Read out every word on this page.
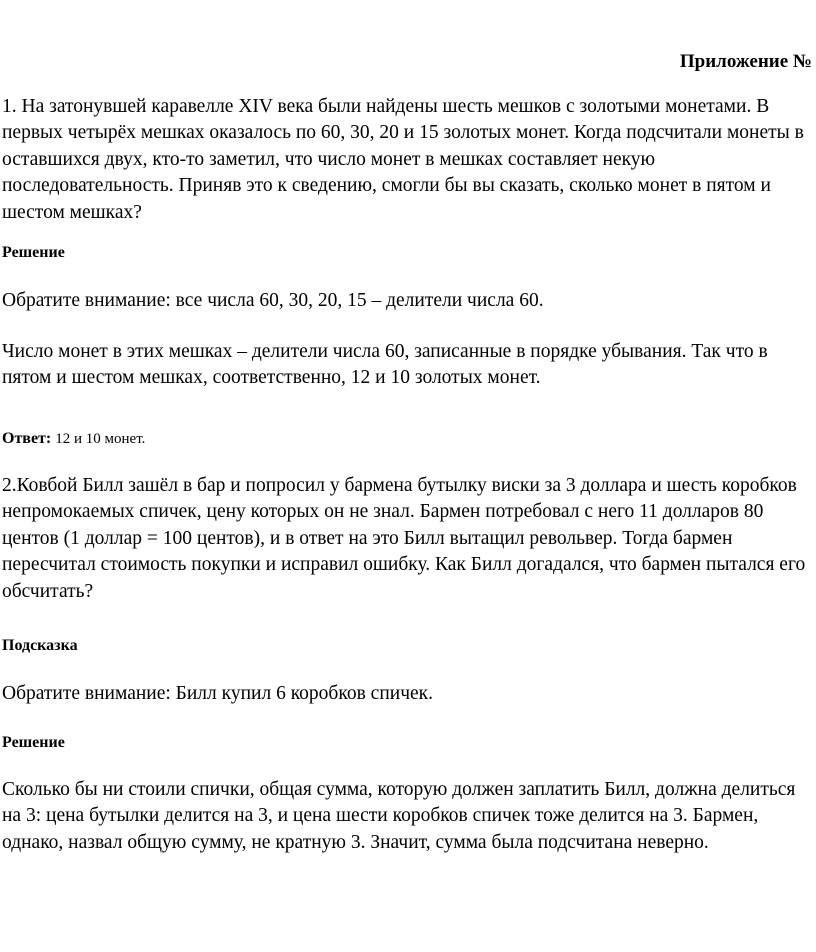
Приложение №

1. На затонувшей каравелле XIV века были найдены шесть мешков с золотыми монетами. В первых четырёх мешках оказалось по 60, 30, 20 и 15 золотых монет. Когда подсчитали монеты в оставшихся двух, кто-то заметил, что число монет в мешках составляет некую последовательность. Приняв это к сведению, смогли бы вы сказать, сколько монет в пятом и шестом мешках?

Решение

Обратите внимание: все числа 60, 30, 20, 15 – делители числа 60.

Число монет в этих мешках – делители числа 60, записанные в порядке убывания. Так что в пятом и шестом мешках, соответственно, 12 и 10 золотых монет.

Ответ: 12 и 10 монет.

2.Ковбой Билл зашёл в бар и попросил у бармена бутылку виски за 3 доллара и шесть коробков непромокаемых спичек, цену которых он не знал. Бармен потребовал с него 11 долларов 80 центов (1 доллар = 100 центов), и в ответ на это Билл вытащил револьвер. Тогда бармен пересчитал стоимость покупки и исправил ошибку. Как Билл догадался, что бармен пытался его обсчитать?

Подсказка

Обратите внимание: Билл купил 6 коробков спичек.

Решение

Сколько бы ни стоили спички, общая сумма, которую должен заплатить Билл, должна делиться на 3: цена бутылки делится на 3, и цена шести коробков спичек тоже делится на 3. Бармен, однако, назвал общую сумму, не кратную 3. Значит, сумма была подсчитана неверно.
